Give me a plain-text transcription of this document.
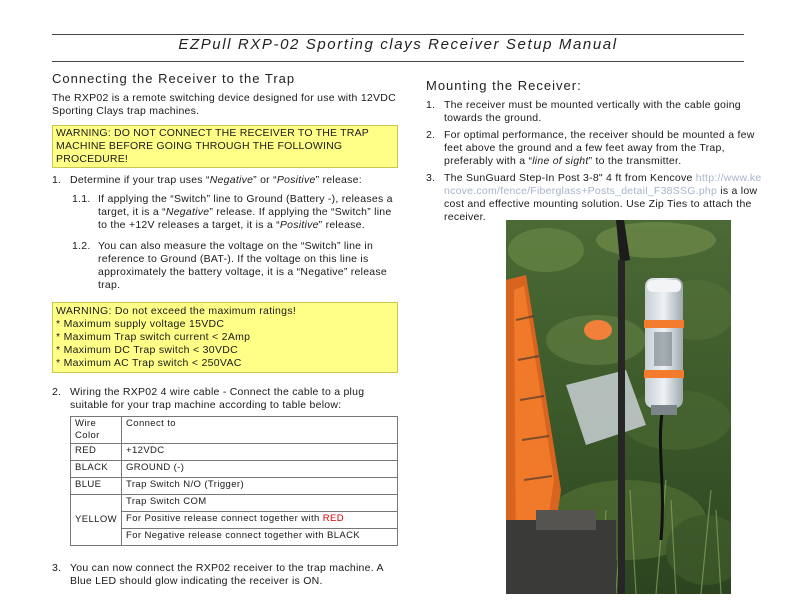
EZPull RXP-02 Sporting clays Receiver Setup Manual
Connecting the Receiver to the Trap

The RXP02 is a remote switching device designed for use with 12VDC Sporting Clays trap machines.

WARNING: DO NOT CONNECT THE RECEIVER TO THE TRAP MACHINE BEFORE GOING THROUGH THE FOLLOWING PROCEDURE!
1. Determine if your trap uses “Negative” or “Positive” release:
1.1. If applying the “Switch” line to Ground (Battery -), releases a target, it is a “Negative” release. If applying the “Switch” line to the +12V releases a target, it is a “Positive” release.
1.2. You can also measure the voltage on the “Switch” line in reference to Ground (BAT-). If the voltage on this line is approximately the battery voltage, it is a “Negative” release trap.
WARNING: Do not exceed the maximum ratings!
* Maximum supply voltage 15VDC
* Maximum Trap switch current < 2Amp
* Maximum DC Trap switch < 30VDC
* Maximum AC Trap switch < 250VAC
2. Wiring the RXP02 4 wire cable - Connect the cable to a plug suitable for your trap machine according to table below:
Wire Color	Connect to
RED	+12VDC
BLACK	GROUND (-)
BLUE	Trap Switch N/O (Trigger)
YELLOW	Trap Switch COM
	For Positive release connect together with RED
	For Negative release connect together with BLACK
3. You can now connect the RXP02 receiver to the trap machine. A Blue LED should glow indicating the receiver is ON.
Mounting the Receiver:
1. The receiver must be mounted vertically with the cable going towards the ground.
2. For optimal performance, the receiver should be mounted a few feet above the ground and a few feet away from the Trap, preferably with a “line of sight” to the transmitter.
3. The SunGuard Step-In Post 3-8" 4 ft from Kencove http://www.kencove.com/fence/Fiberglass+Posts_detail_F38SSG.php is a low cost and effective mounting solution. Use Zip Ties to attach the receiver.
